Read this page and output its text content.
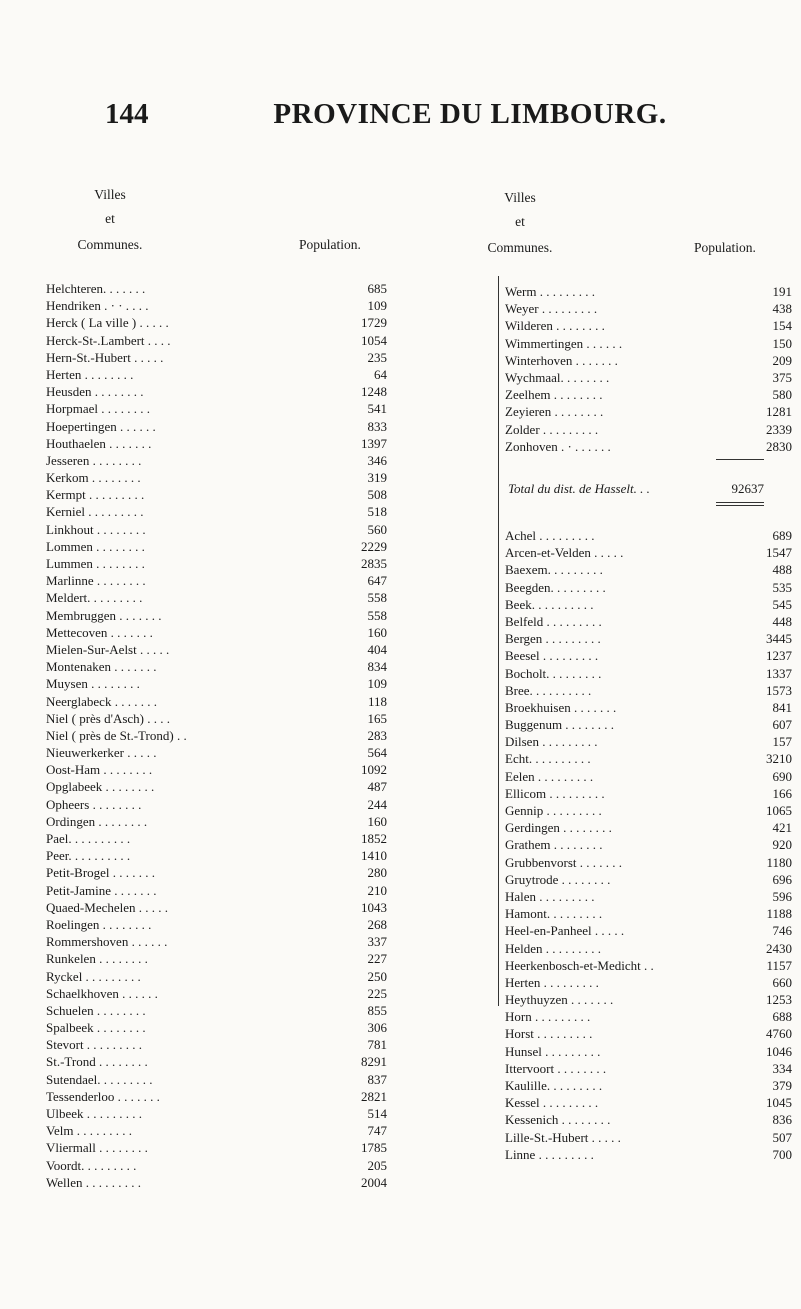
144	PROVINCE DU LIMBOURG.
Villes
et
Communes.	Population.
Villes
et
Communes.	Population.
Helchteren. . . . . . .	685
Hendriken . · · . . . .	109
Herck ( La ville ) . . . . .	1729
Herck-St-.Lambert . . . .	1054
Hern-St.-Hubert . . . . .	235
Herten . . . . . . . .	64
Heusden . . . . . . . .	1248
Horpmael . . . . . . . .	541
Hoepertingen . . . . . .	833
Houthaelen . . . . . . .	1397
Jesseren . . . . . . . .	346
Kerkom . . . . . . . .	319
Kermpt . . . . . . . . .	508
Kerniel . . . . . . . . .	518
Linkhout . . . . . . . .	560
Lommen . . . . . . . .	2229
Lummen . . . . . . . .	2835
Marlinne . . . . . . . .	647
Meldert. . . . . . . . .	558
Membruggen . . . . . . .	558
Mettecoven . . . . . . .	160
Mielen-Sur-Aelst . . . . .	404
Montenaken . . . . . . .	834
Muysen . . . . . . . .	109
Neerglabeck . . . . . . .	118
Niel ( près d'Asch) . . . .	165
Niel ( près de St.-Trond) . .	283
Nieuwerkerker . . . . .	564
Oost-Ham . . . . . . . .	1092
Opglabeek . . . . . . . .	487
Opheers . . . . . . . .	244
Ordingen . . . . . . . .	160
Pael. . . . . . . . . .	1852
Peer. . . . . . . . . .	1410
Petit-Brogel . . . . . . .	280
Petit-Jamine . . . . . . .	210
Quaed-Mechelen . . . . .	1043
Roelingen . . . . . . . .	268
Rommershoven . . . . . .	337
Runkelen . . . . . . . .	227
Ryckel . . . . . . . . .	250
Schaelkhoven . . . . . .	225
Schuelen . . . . . . . .	855
Spalbeek . . . . . . . .	306
Stevort . . . . . . . . .	781
St.-Trond . . . . . . . .	8291
Sutendael. . . . . . . . .	837
Tessenderloo . . . . . . .	2821
Ulbeek . . . . . . . . .	514
Velm . . . . . . . . .	747
Vliermall . . . . . . . .	1785
Voordt. . . . . . . . .	205
Wellen . . . . . . . . .	2004
Werm . . . . . . . . .	191
Weyer . . . . . . . . .	438
Wilderen . . . . . . . .	154
Wimmertingen . . . . . .	150
Winterhoven . . . . . . .	209
Wychmaal. . . . . . . .	375
Zeelhem . . . . . . . .	580
Zeyieren . . . . . . . .	1281
Zolder . . . . . . . . .	2339
Zonhoven . · . . . . . .	2830
Total du dist. de Hasselt. . .	92637
Achel . . . . . . . . .	689
Arcen-et-Velden . . . . .	1547
Baexem. . . . . . . . .	488
Beegden. . . . . . . . .	535
Beek. . . . . . . . . .	545
Belfeld . . . . . . . . .	448
Bergen . . . . . . . . .	3445
Beesel . . . . . . . . .	1237
Bocholt. . . . . . . . .	1337
Bree. . . . . . . . . .	1573
Broekhuisen . . . . . . .	841
Buggenum . . . . . . . .	607
Dilsen . . . . . . . . .	157
Echt. . . . . . . . . .	3210
Eelen . . . . . . . . .	690
Ellicom . . . . . . . . .	166
Gennip . . . . . . . . .	1065
Gerdingen . . . . . . . .	421
Grathem . . . . . . . .	920
Grubbenvorst . . . . . . .	1180
Gruytrode . . . . . . . .	696
Halen . . . . . . . . .	596
Hamont. . . . . . . . .	1188
Heel-en-Panheel . . . . .	746
Helden . . . . . . . . .	2430
Heerkenbosch-et-Medicht . .	1157
Herten . . . . . . . . .	660
Heythuyzen . . . . . . .	1253
Horn . . . . . . . . .	688
Horst . . . . . . . . .	4760
Hunsel . . . . . . . . .	1046
Ittervoort . . . . . . . .	334
Kaulille. . . . . . . . .	379
Kessel . . . . . . . . .	1045
Kessenich . . . . . . . .	836
Lille-St.-Hubert . . . . .	507
Linne . . . . . . . . .	700
